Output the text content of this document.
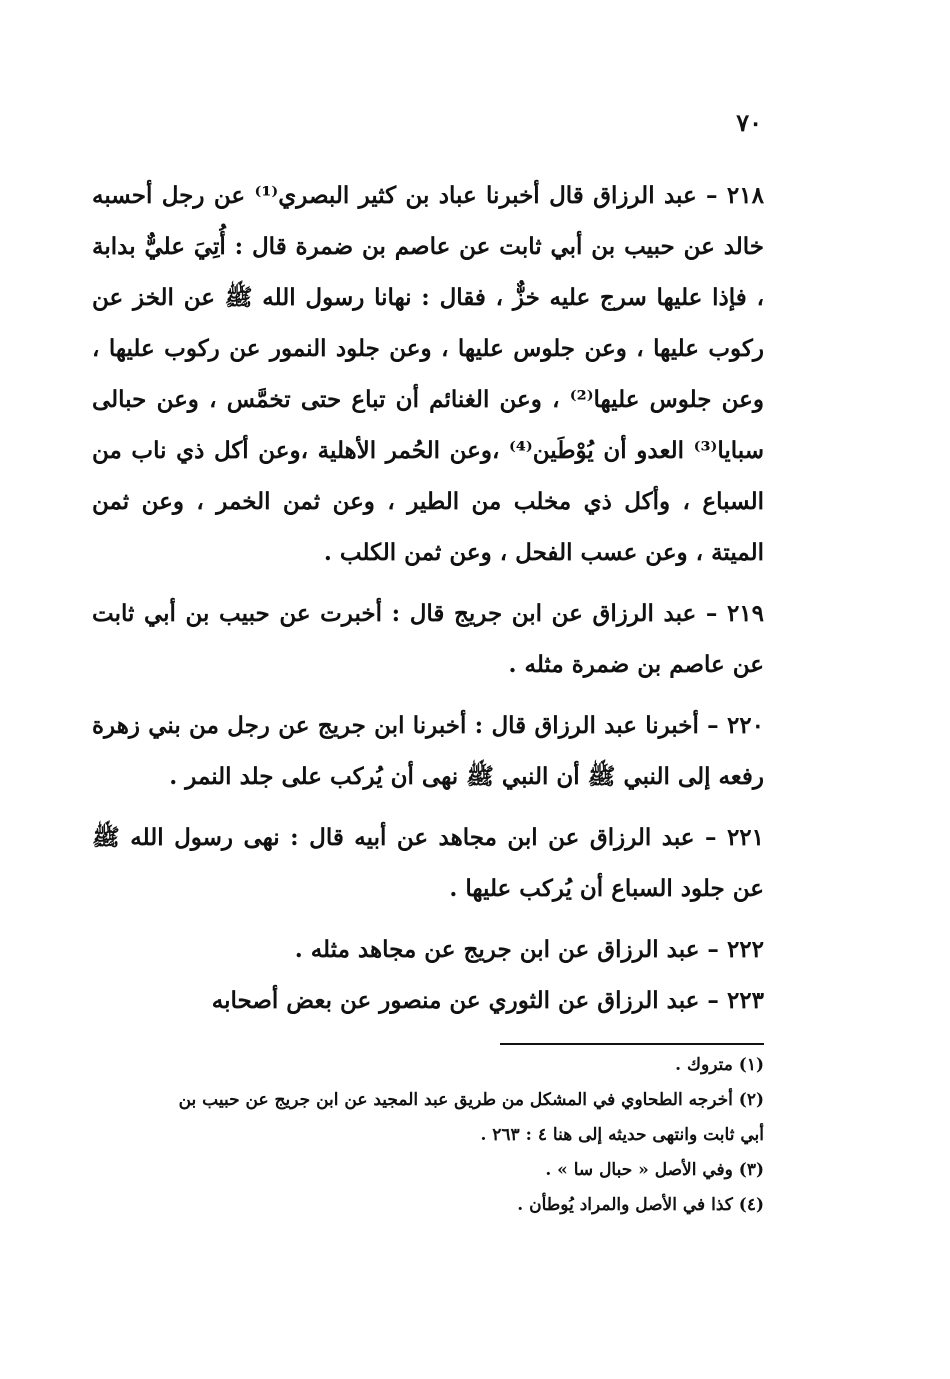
٧٠

٢١٨ – عبد الرزاق قال أخبرنا عباد بن كثير البصري⁽¹⁾ عن رجل أحسبه خالد عن حبيب بن أبي ثابت عن عاصم بن ضمرة قال : أُتِيَ عليٌّ بدابة ، فإذا عليها سرج عليه خزٌّ ، فقال : نهانا رسول الله ﷺ عن الخز عن ركوب عليها ، وعن جلوس عليها ، وعن جلود النمور عن ركوب عليها ، وعن جلوس عليها⁽²⁾ ، وعن الغنائم أن تباع حتى تخمَّس ، وعن حبالى سبايا⁽³⁾ العدو أن يُوْطَين⁽⁴⁾ ،وعن الحُمر الأهلية ،وعن أكل ذي ناب من السباع ، وأكل ذي مخلب من الطير ، وعن ثمن الخمر ، وعن ثمن الميتة ، وعن عسب الفحل ، وعن ثمن الكلب .

٢١٩ – عبد الرزاق عن ابن جريج قال : أخبرت عن حبيب بن أبي ثابت عن عاصم بن ضمرة مثله .

٢٢٠ – أخبرنا عبد الرزاق قال : أخبرنا ابن جريج عن رجل من بني زهرة رفعه إلى النبي ﷺ أن النبي ﷺ نهى أن يُركب على جلد النمر .

٢٢١ – عبد الرزاق عن ابن مجاهد عن أبيه قال : نهى رسول الله ﷺ عن جلود السباع أن يُركب عليها .

٢٢٢ – عبد الرزاق عن ابن جريج عن مجاهد مثله .

٢٢٣ – عبد الرزاق عن الثوري عن منصور عن بعض أصحابه

(١) متروك .

(٢) أخرجه الطحاوي في المشكل من طريق عبد المجيد عن ابن جريج عن حبيب بن

أبي ثابت وانتهى حديثه إلى هنا ٤ : ٢٦٣ .

(٣) وفي الأصل « حبال سا » .

(٤) كذا في الأصل والمراد يُوطأن .
